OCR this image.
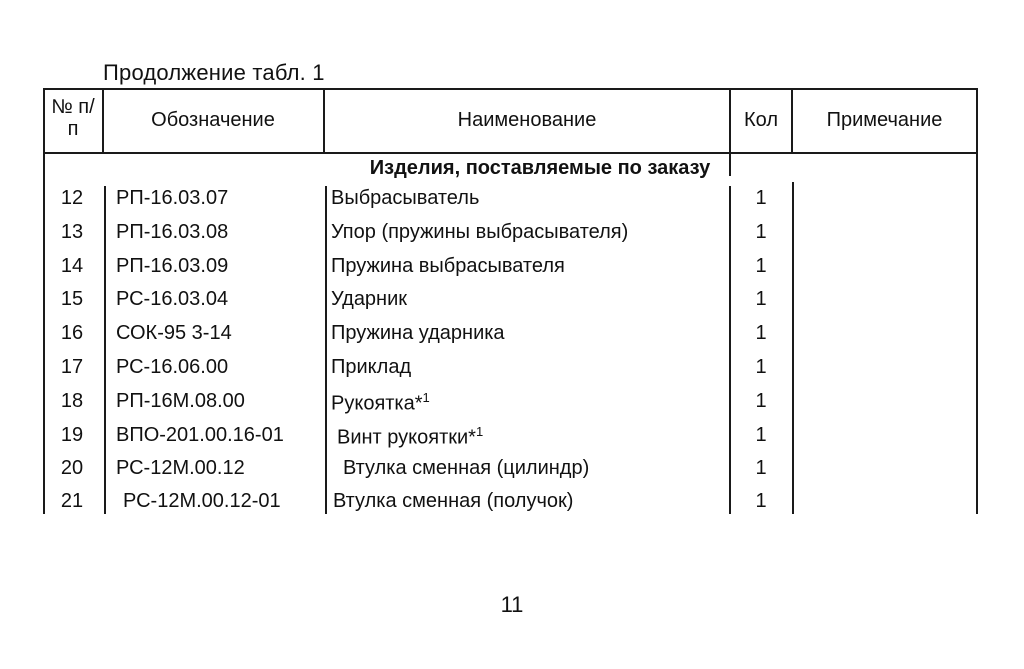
Продолжение табл. 1
№ п/п	Обозначение	Наименование	Кол	Примечание
Изделия, поставляемые по заказу
12	РП-16.03.07	Выбрасыватель	1
13	РП-16.03.08	Упор (пружины выбрасывателя)	1
14	РП-16.03.09	Пружина выбрасывателя	1
15	РС-16.03.04	Ударник	1
16	СОК-95 3-14	Пружина ударника	1
17	РС-16.06.00	Приклад	1
18	РП-16М.08.00	Рукоятка*$^1$	1
19	ВПО-201.00.16-01	Винт рукоятки*$^1$	1
20	РС-12М.00.12	Втулка сменная (цилиндр)	1
21	РС-12М.00.12-01	Втулка сменная (получок)	1
11
